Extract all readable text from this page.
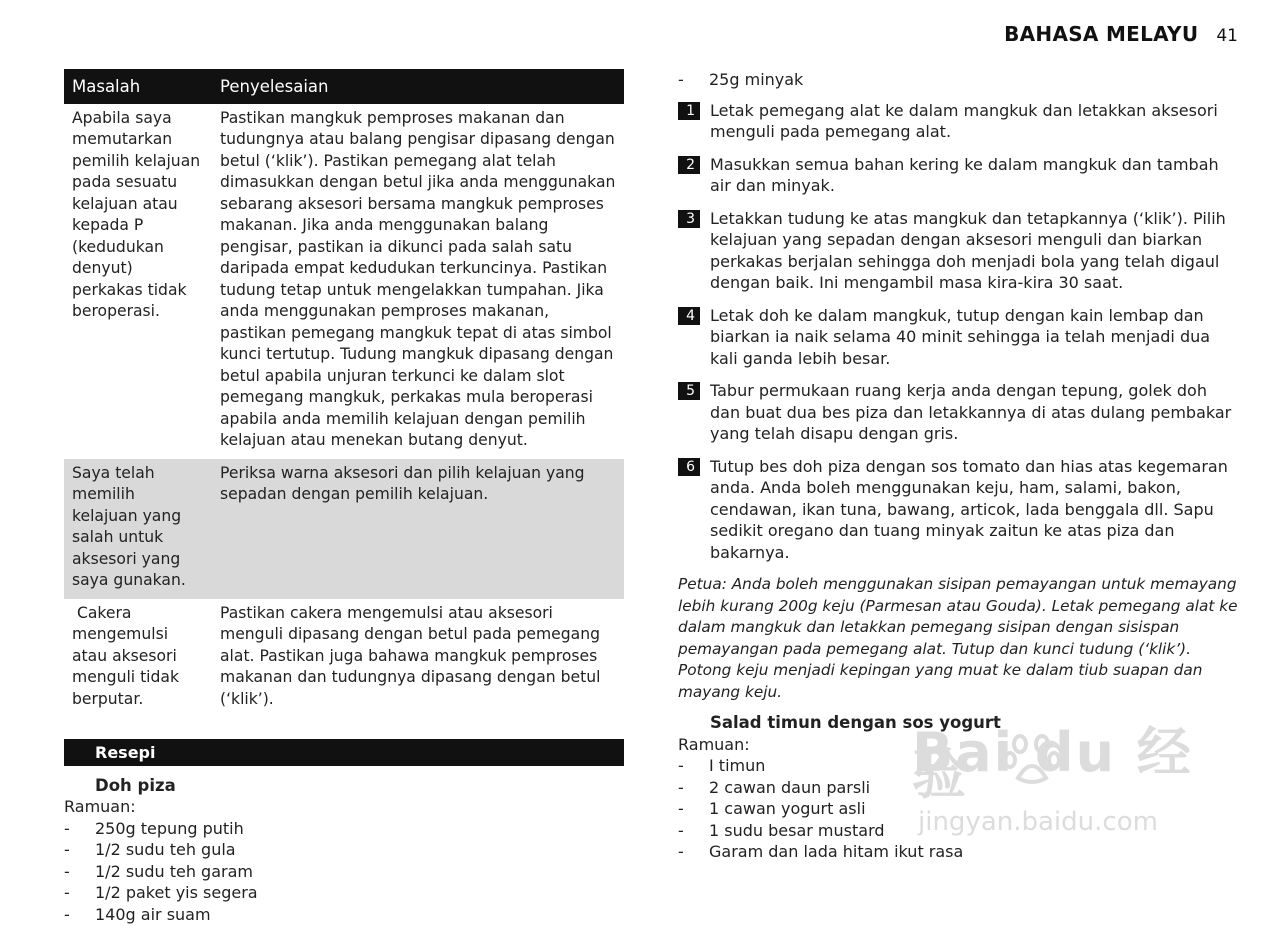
BAHASA MELAYU 41
Masalah	Penyelesaian
Apabila saya memutarkan pemilih kelajuan pada sesuatu kelajuan atau kepada P (kedudukan denyut) perkakas tidak beroperasi.	Pastikan mangkuk pemproses makanan dan tudungnya atau balang pengisar dipasang dengan betul (‘klik’). Pastikan pemegang alat telah dimasukkan dengan betul jika anda menggunakan sebarang aksesori bersama mangkuk pemproses makanan. Jika anda menggunakan balang pengisar, pastikan ia dikunci pada salah satu daripada empat kedudukan terkuncinya. Pastikan tudung tetap untuk mengelakkan tumpahan. Jika anda menggunakan pemproses makanan, pastikan pemegang mangkuk tepat di atas simbol kunci tertutup. Tudung mangkuk dipasang dengan betul apabila unjuran terkunci ke dalam slot pemegang mangkuk, perkakas mula beroperasi apabila anda memilih kelajuan dengan pemilih kelajuan atau menekan butang denyut.
Saya telah memilih kelajuan yang salah untuk aksesori yang saya gunakan.	Periksa warna aksesori dan pilih kelajuan yang sepadan dengan pemilih kelajuan.
Cakera mengemulsi atau aksesori menguli tidak berputar.	Pastikan cakera mengemulsi atau aksesori menguli dipasang dengan betul pada pemegang alat. Pastikan juga bahawa mangkuk pemproses makanan dan tudungnya dipasang dengan betul (‘klik’).
Resepi
Doh piza
Ramuan:
- 250g tepung putih
- 1/2 sudu teh gula
- 1/2 sudu teh garam
- 1/2 paket yis segera
- 140g air suam
- 25g minyak
1 Letak pemegang alat ke dalam mangkuk dan letakkan aksesori menguli pada pemegang alat.
2 Masukkan semua bahan kering ke dalam mangkuk dan tambah air dan minyak.
3 Letakkan tudung ke atas mangkuk dan tetapkannya (‘klik’). Pilih kelajuan yang sepadan dengan aksesori menguli dan biarkan perkakas berjalan sehingga doh menjadi bola yang telah digaul dengan baik. Ini mengambil masa kira-kira 30 saat.
4 Letak doh ke dalam mangkuk, tutup dengan kain lembap dan biarkan ia naik selama 40 minit sehingga ia telah menjadi dua kali ganda lebih besar.
5 Tabur permukaan ruang kerja anda dengan tepung, golek doh dan buat dua bes piza dan letakkannya di atas dulang pembakar yang telah disapu dengan gris.
6 Tutup bes doh piza dengan sos tomato dan hias atas kegemaran anda. Anda boleh menggunakan keju, ham, salami, bakon, cendawan, ikan tuna, bawang, articok, lada benggala dll. Sapu sedikit oregano dan tuang minyak zaitun ke atas piza dan bakarnya.

Petua: Anda boleh menggunakan sisipan pemayangan untuk memayang lebih kurang 200g keju (Parmesan atau Gouda). Letak pemegang alat ke dalam mangkuk dan letakkan pemegang sisipan dengan sisispan pemayangan pada pemegang alat. Tutup dan kunci tudung (‘klik’). Potong keju menjadi kepingan yang muat ke dalam tiub suapan dan mayang keju.

Salad timun dengan sos yogurt
Ramuan:
- I timun
- 2 cawan daun parsli
- 1 cawan yogurt asli
- 1 sudu besar mustard
- Garam dan lada hitam ikut rasa
Bai du 经验
jingyan.baidu.com
